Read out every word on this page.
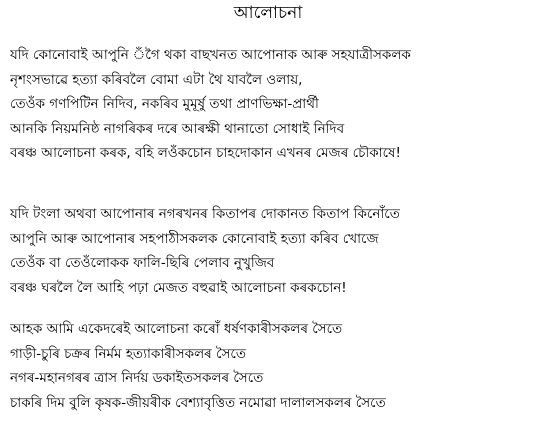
আলোচনা
যদি কোনোবাই আপুনি ঁগৈ থকা বাছখনত আপোনাক আৰু সহযাত্ৰীসকলক
নৃশংসভাৱে হত্যা কৰিবলৈ বোমা এটা থৈ যাবলৈ ওলায়,
তেওঁক গণপিটিন নিদিব, নকৰিব মুমূৰ্ষু তথা প্ৰাণভিক্ষা-প্ৰাৰ্থী
আনকি নিয়মনিষ্ঠ নাগৰিকৰ দৰে আৰক্ষী থানাতো সোধাই নিদিব
বৰঞ্চ আলোচনা কৰক, বহি লওঁকচোন চাহদোকান এখনৰ মেজৰ চৌকাষে!
যদি টংলা অথবা আপোনাৰ নগৰখনৰ কিতাপৰ দোকানত কিতাপ কিনোঁতে
আপুনি আৰু আপোনাৰ সহপাঠীসকলক কোনোবাই হত্যা কৰিব খোজে
তেওঁক বা তেওঁলোকক ফালি-ছিৰি পেলাব নুখুজিব
বৰঞ্চ ঘৰলৈ লৈ আহি পঢ়া মেজত বহুৱাই আলোচনা কৰকচোন!
আহক আমি একেদৰেই আলোচনা কৰোঁ ধৰ্ষণকাৰীসকলৰ সৈতে
গাড়ী-চুৰি চক্ৰৰ নিৰ্মম হত্যাকাৰীসকলৰ সৈতে
নগৰ-মহানগৰৰ ত্ৰাস নিৰ্দয় ডকাইতসকলৰ সৈতে
চাকৰি দিম বুলি কৃষক-জীয়ৰীক বেশ্যাবৃত্তিত নমোৱা দালালসকলৰ সৈতে
